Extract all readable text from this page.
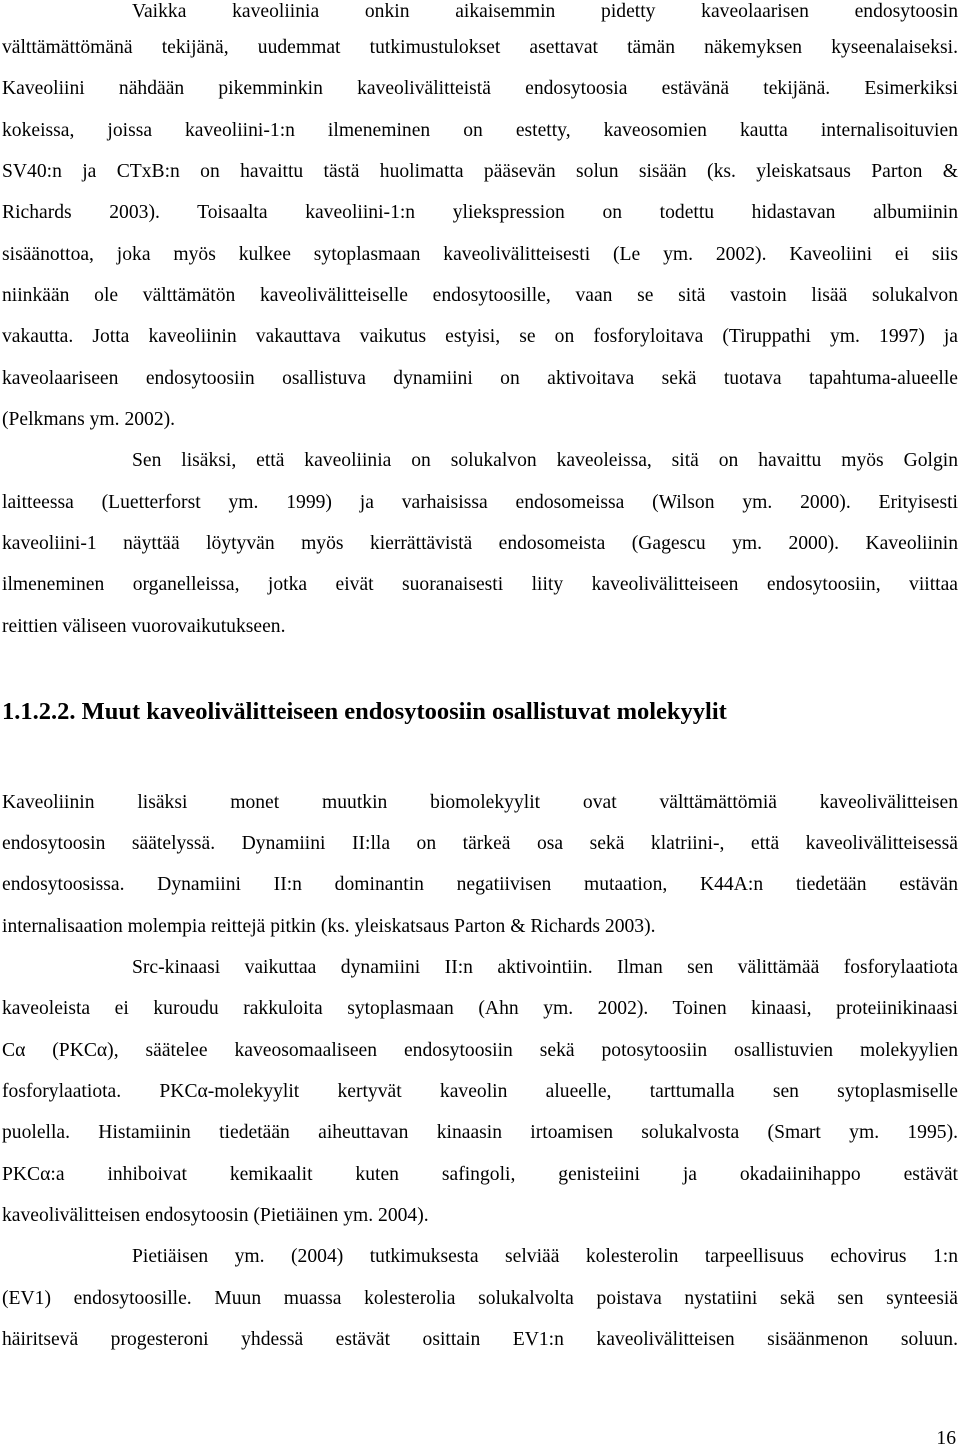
Vaikka kaveoliinia onkin aikaisemmin pidetty kaveolaarisen endosytoosin
välttämättömänä tekijänä, uudemmat tutkimustulokset asettavat tämän näkemyksen kyseenalaiseksi.
Kaveoliini nähdään pikemminkin kaveolivälitteistä endosytoosia estävänä tekijänä. Esimerkiksi
kokeissa, joissa kaveoliini-1:n ilmeneminen on estetty, kaveosomien kautta internalisoituvien
SV40:n ja CTxB:n on havaittu tästä huolimatta pääsevän solun sisään (ks. yleiskatsaus Parton &
Richards 2003). Toisaalta kaveoliini-1:n yliekspression on todettu hidastavan albumiinin
sisäänottoa, joka myös kulkee sytoplasmaan kaveolivälitteisesti (Le ym. 2002). Kaveoliini ei siis
niinkään ole välttämätön kaveolivälitteiselle endosytoosille, vaan se sitä vastoin lisää solukalvon
vakautta. Jotta kaveoliinin vakauttava vaikutus estyisi, se on fosforyloitava (Tiruppathi ym. 1997) ja
kaveolaariseen endosytoosiin osallistuva dynamiini on aktivoitava sekä tuotava tapahtuma-alueelle
(Pelkmans ym. 2002).
Sen lisäksi, että kaveoliinia on solukalvon kaveoleissa, sitä on havaittu myös Golgin
laitteessa (Luetterforst ym. 1999) ja varhaisissa endosomeissa (Wilson ym. 2000). Erityisesti
kaveoliini-1 näyttää löytyvän myös kierrättävistä endosomeista (Gagescu ym. 2000). Kaveoliinin
ilmeneminen organelleissa, jotka eivät suoranaisesti liity kaveolivälitteiseen endosytoosiin, viittaa
reittien väliseen vuorovaikutukseen.
1.1.2.2. Muut kaveolivälitteiseen endosytoosiin osallistuvat molekyylit
Kaveoliinin lisäksi monet muutkin biomolekyylit ovat välttämättömiä kaveolivälitteisen
endosytoosin säätelyssä. Dynamiini II:lla on tärkeä osa sekä klatriini-, että kaveolivälitteisessä
endosytoosissa. Dynamiini II:n dominantin negatiivisen mutaation, K44A:n tiedetään estävän
internalisaation molempia reittejä pitkin (ks. yleiskatsaus Parton & Richards 2003).
Src-kinaasi vaikuttaa dynamiini II:n aktivointiin. Ilman sen välittämää fosforylaatiota
kaveoleista ei kuroudu rakkuloita sytoplasmaan (Ahn ym. 2002). Toinen kinaasi, proteiinikinaasi
Cα (PKCα), säätelee kaveosomaaliseen endosytoosiin sekä potosytoosiin osallistuvien molekyylien
fosforylaatiota. PKCα-molekyylit kertyvät kaveolin alueelle, tarttumalla sen sytoplasmiselle
puolella. Histamiinin tiedetään aiheuttavan kinaasin irtoamisen solukalvosta (Smart ym. 1995).
PKCα:a inhiboivat kemikaalit kuten safingoli, genisteiini ja okadaiinihappo estävät
kaveolivälitteisen endosytoosin (Pietiäinen ym. 2004).
Pietiäisen ym. (2004) tutkimuksesta selviää kolesterolin tarpeellisuus echovirus 1:n
(EV1) endosytoosille. Muun muassa kolesterolia solukalvolta poistava nystatiini sekä sen synteesiä
häiritsevä progesteroni yhdessä estävät osittain EV1:n kaveolivälitteisen sisäänmenon soluun.
16
